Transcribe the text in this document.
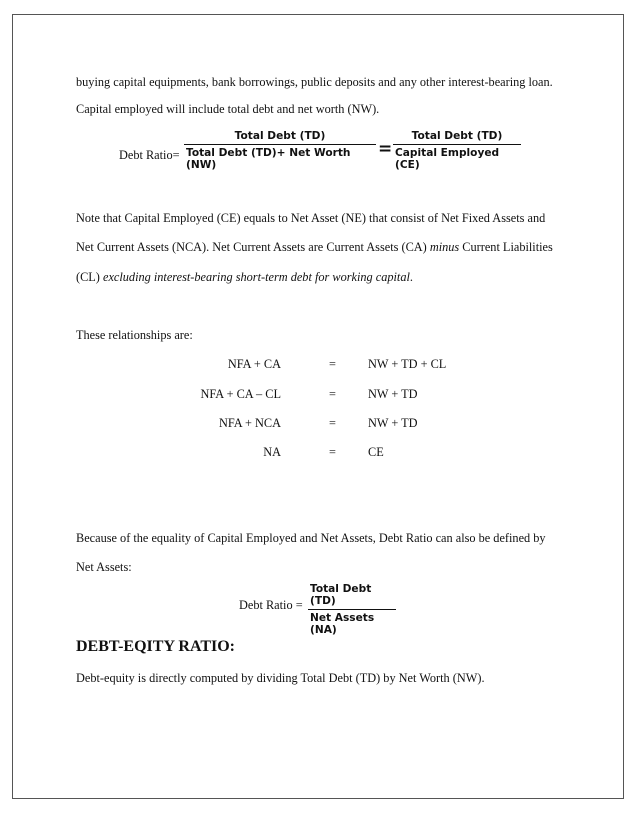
buying capital equipments, bank borrowings, public deposits and any other interest-bearing loan.
Capital employed will include total debt and net worth (NW).
Debt Ratio=
Total Debt (TD)
Total Debt (TD)+ Net Worth (NW)
=
Total Debt (TD)
Capital Employed (CE)
Note that Capital Employed (CE) equals to Net Asset (NE) that consist of Net Fixed Assets and
Net Current Assets (NCA). Net Current Assets are Current Assets (CA) minus Current Liabilities
(CL) excluding interest-bearing short-term debt for working capital.
These relationships are:
NFA + CA	=	NW + TD + CL
NFA + CA – CL	=	NW + TD
NFA + NCA	=	NW + TD
NA	=	CE
Because of the equality of Capital Employed and Net Assets, Debt Ratio can also be defined by
Net Assets:
Debt Ratio =
Total Debt (TD)
Net Assets (NA)
DEBT-EQITY RATIO:
Debt-equity is directly computed by dividing Total Debt (TD) by Net Worth (NW).
